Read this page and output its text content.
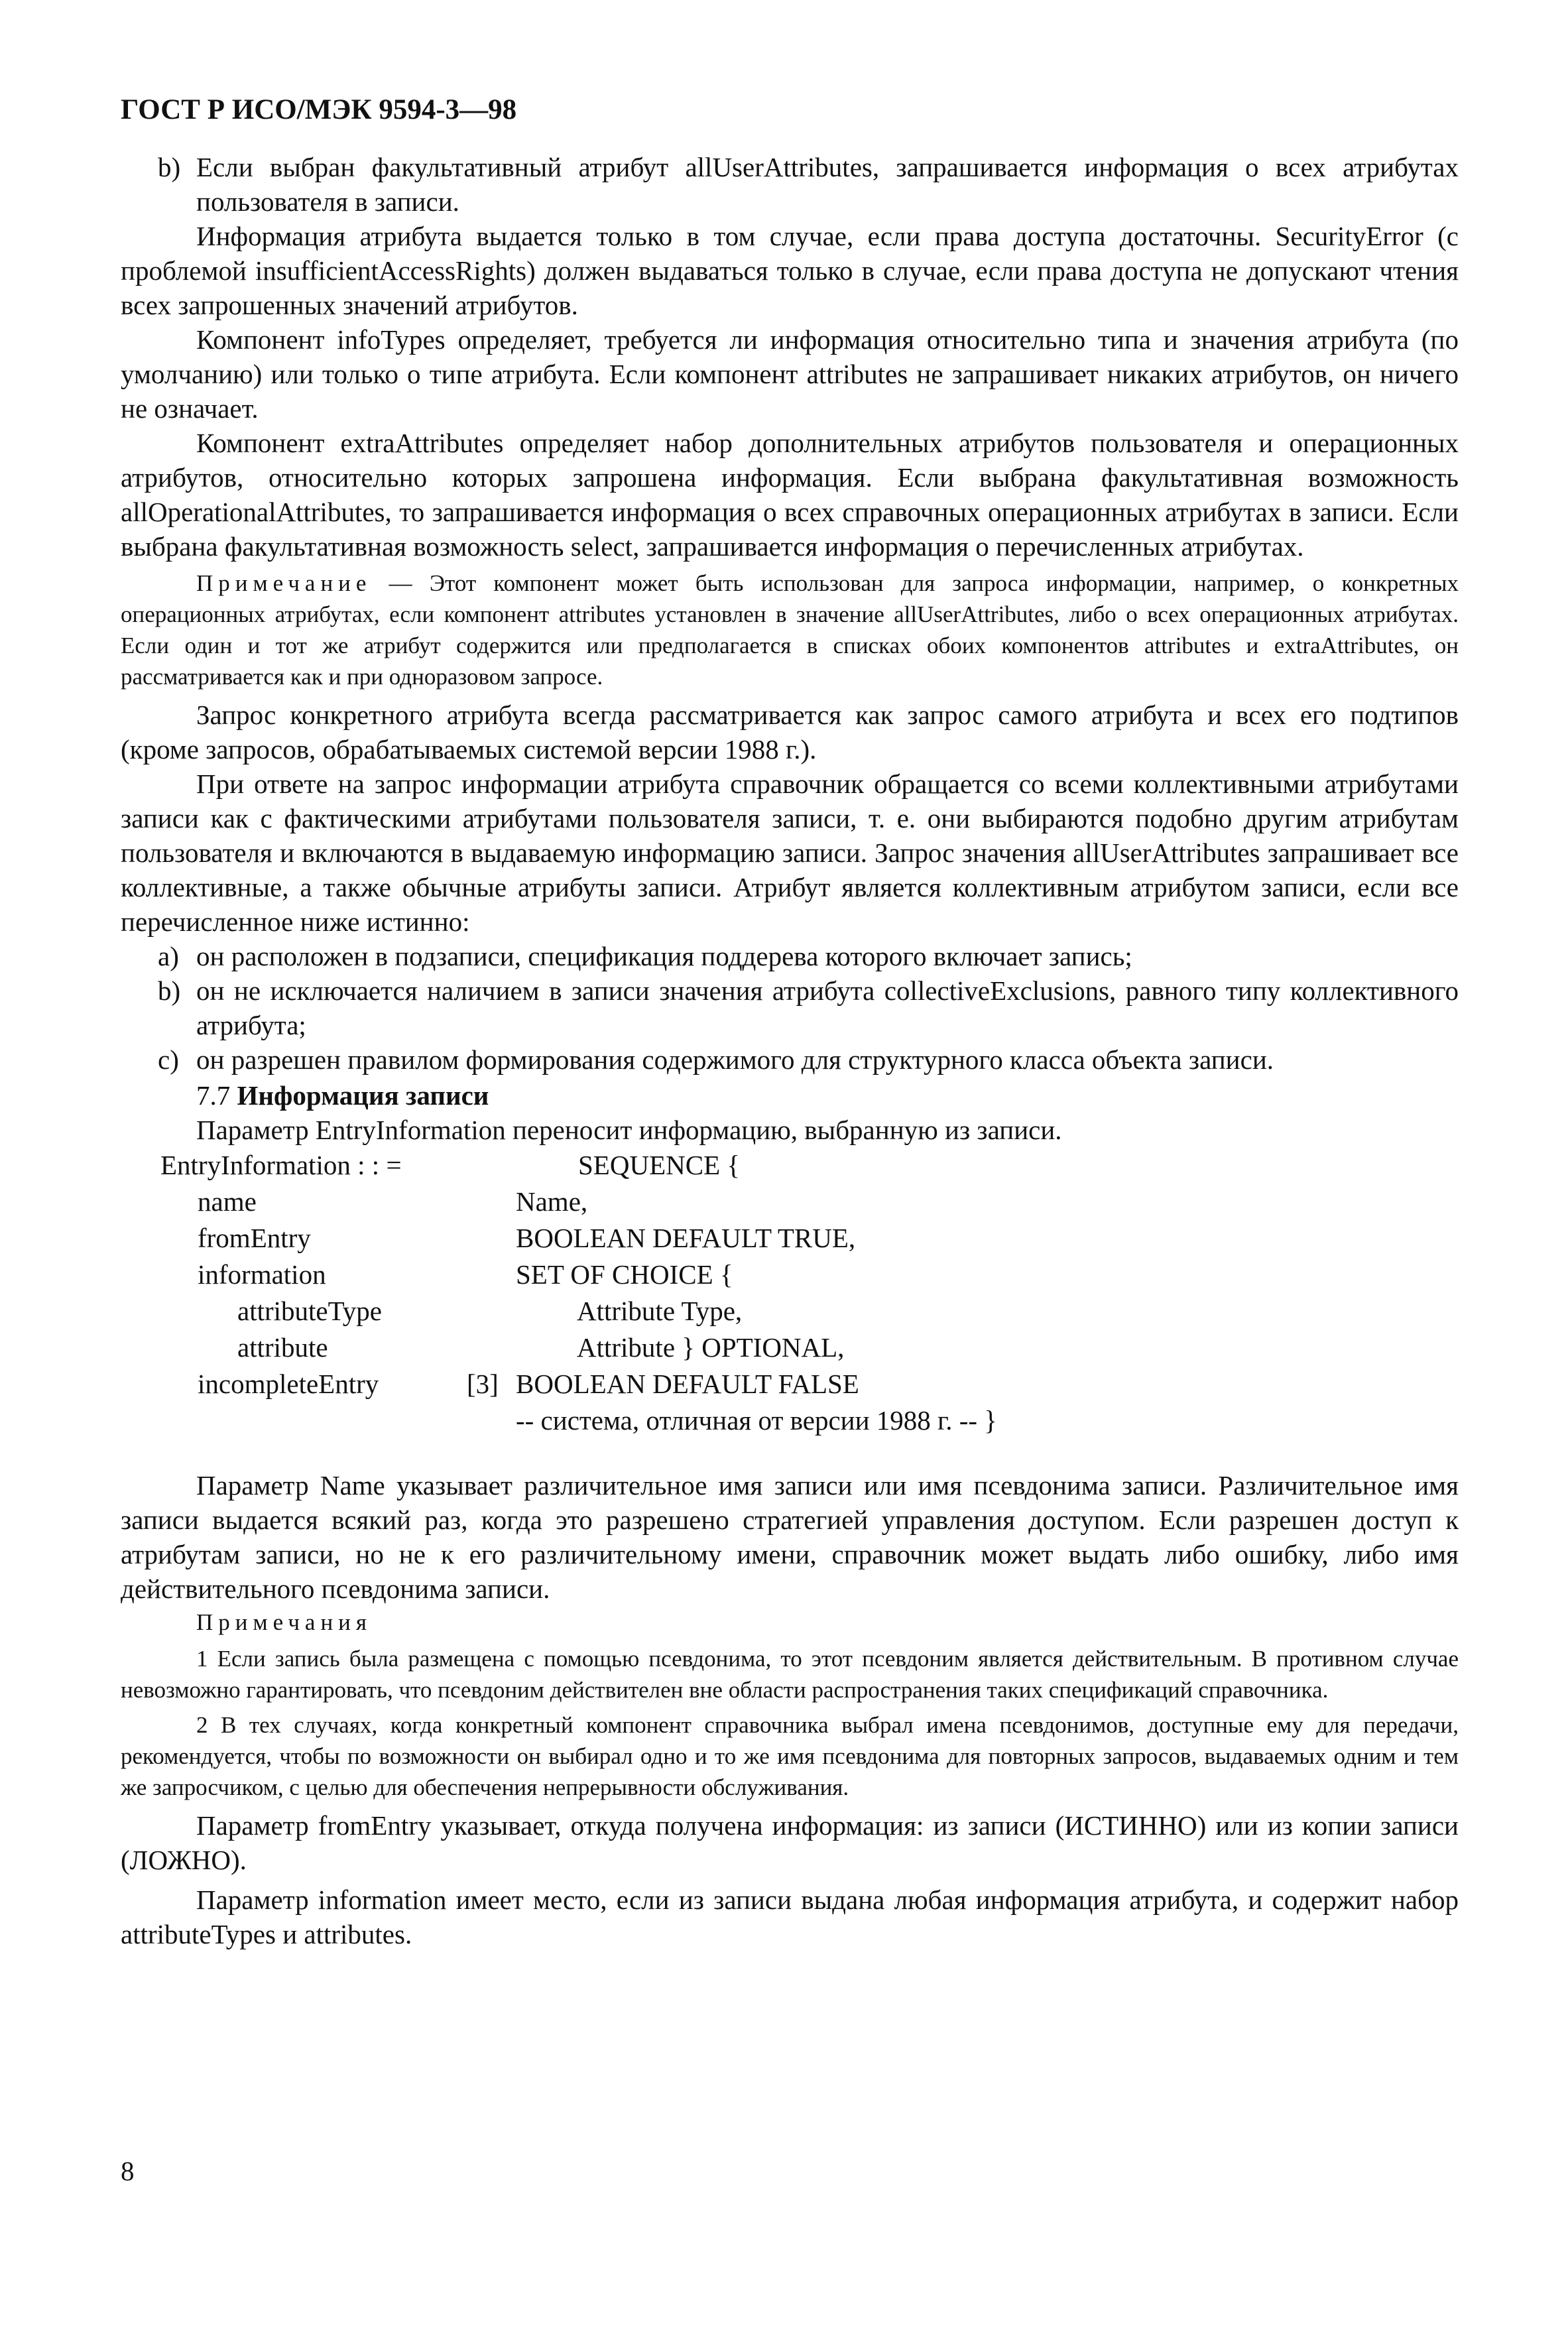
ГОСТ Р ИСО/МЭК 9594-3—98

b) Если выбран факультативный атрибут allUserAttributes, запрашивается информация о всех атрибутах пользователя в записи.

Информация атрибута выдается только в том случае, если права доступа достаточны. SecurityError (с проблемой insufficientAccessRights) должен выдаваться только в случае, если права доступа не допускают чтения всех запрошенных значений атрибутов.

Компонент infoTypes определяет, требуется ли информация относительно типа и значения атрибута (по умолчанию) или только о типе атрибута. Если компонент attributes не запрашивает никаких атрибутов, он ничего не означает.

Компонент extraAttributes определяет набор дополнительных атрибутов пользователя и операционных атрибутов, относительно которых запрошена информация. Если выбрана факультативная возможность allOperationalAttributes, то запрашивается информация о всех справочных операционных атрибутах в записи. Если выбрана факультативная возможность select, запрашивается информация о перечисленных атрибутах.

Примечание — Этот компонент может быть использован для запроса информации, например, о конкретных операционных атрибутах, если компонент attributes установлен в значение allUserAttributes, либо о всех операционных атрибутах. Если один и тот же атрибут содержится или предполагается в списках обоих компонентов attributes и extraAttributes, он рассматривается как и при одноразовом запросе.

Запрос конкретного атрибута всегда рассматривается как запрос самого атрибута и всех его подтипов (кроме запросов, обрабатываемых системой версии 1988 г.).

При ответе на запрос информации атрибута справочник обращается со всеми коллективными атрибутами записи как с фактическими атрибутами пользователя записи, т. е. они выбираются подобно другим атрибутам пользователя и включаются в выдаваемую информацию записи. Запрос значения allUserAttributes запрашивает все коллективные, а также обычные атрибуты записи. Атрибут является коллективным атрибутом записи, если все перечисленное ниже истинно:

a) он расположен в подзаписи, спецификация поддерева которого включает запись;

b) он не исключается наличием в записи значения атрибута collectiveExclusions, равного типу коллективного атрибута;

c) он разрешен правилом формирования содержимого для структурного класса объекта записи.

7.7 Информация записи

Параметр EntryInformation переносит информацию, выбранную из записи.

EntryInformation : : =	SEQUENCE {
name	Name,
fromEntry	BOOLEAN DEFAULT TRUE,
information	SET OF CHOICE {
attributeType	Attribute Type,
attribute	Attribute } OPTIONAL,
incompleteEntry	[3] BOOLEAN DEFAULT FALSE
-- система, отличная от версии 1988 г. -- }

Параметр Name указывает различительное имя записи или имя псевдонима записи. Различительное имя записи выдается всякий раз, когда это разрешено стратегией управления доступом. Если разрешен доступ к атрибутам записи, но не к его различительному имени, справочник может выдать либо ошибку, либо имя действительного псевдонима записи.

Примечания

1 Если запись была размещена с помощью псевдонима, то этот псевдоним является действительным. В противном случае невозможно гарантировать, что псевдоним действителен вне области распространения таких спецификаций справочника.

2 В тех случаях, когда конкретный компонент справочника выбрал имена псевдонимов, доступные ему для передачи, рекомендуется, чтобы по возможности он выбирал одно и то же имя псевдонима для повторных запросов, выдаваемых одним и тем же запросчиком, с целью для обеспечения непрерывности обслуживания.

Параметр fromEntry указывает, откуда получена информация: из записи (ИСТИННО) или из копии записи (ЛОЖНО).

Параметр information имеет место, если из записи выдана любая информация атрибута, и содержит набор attributeTypes и attributes.

8
